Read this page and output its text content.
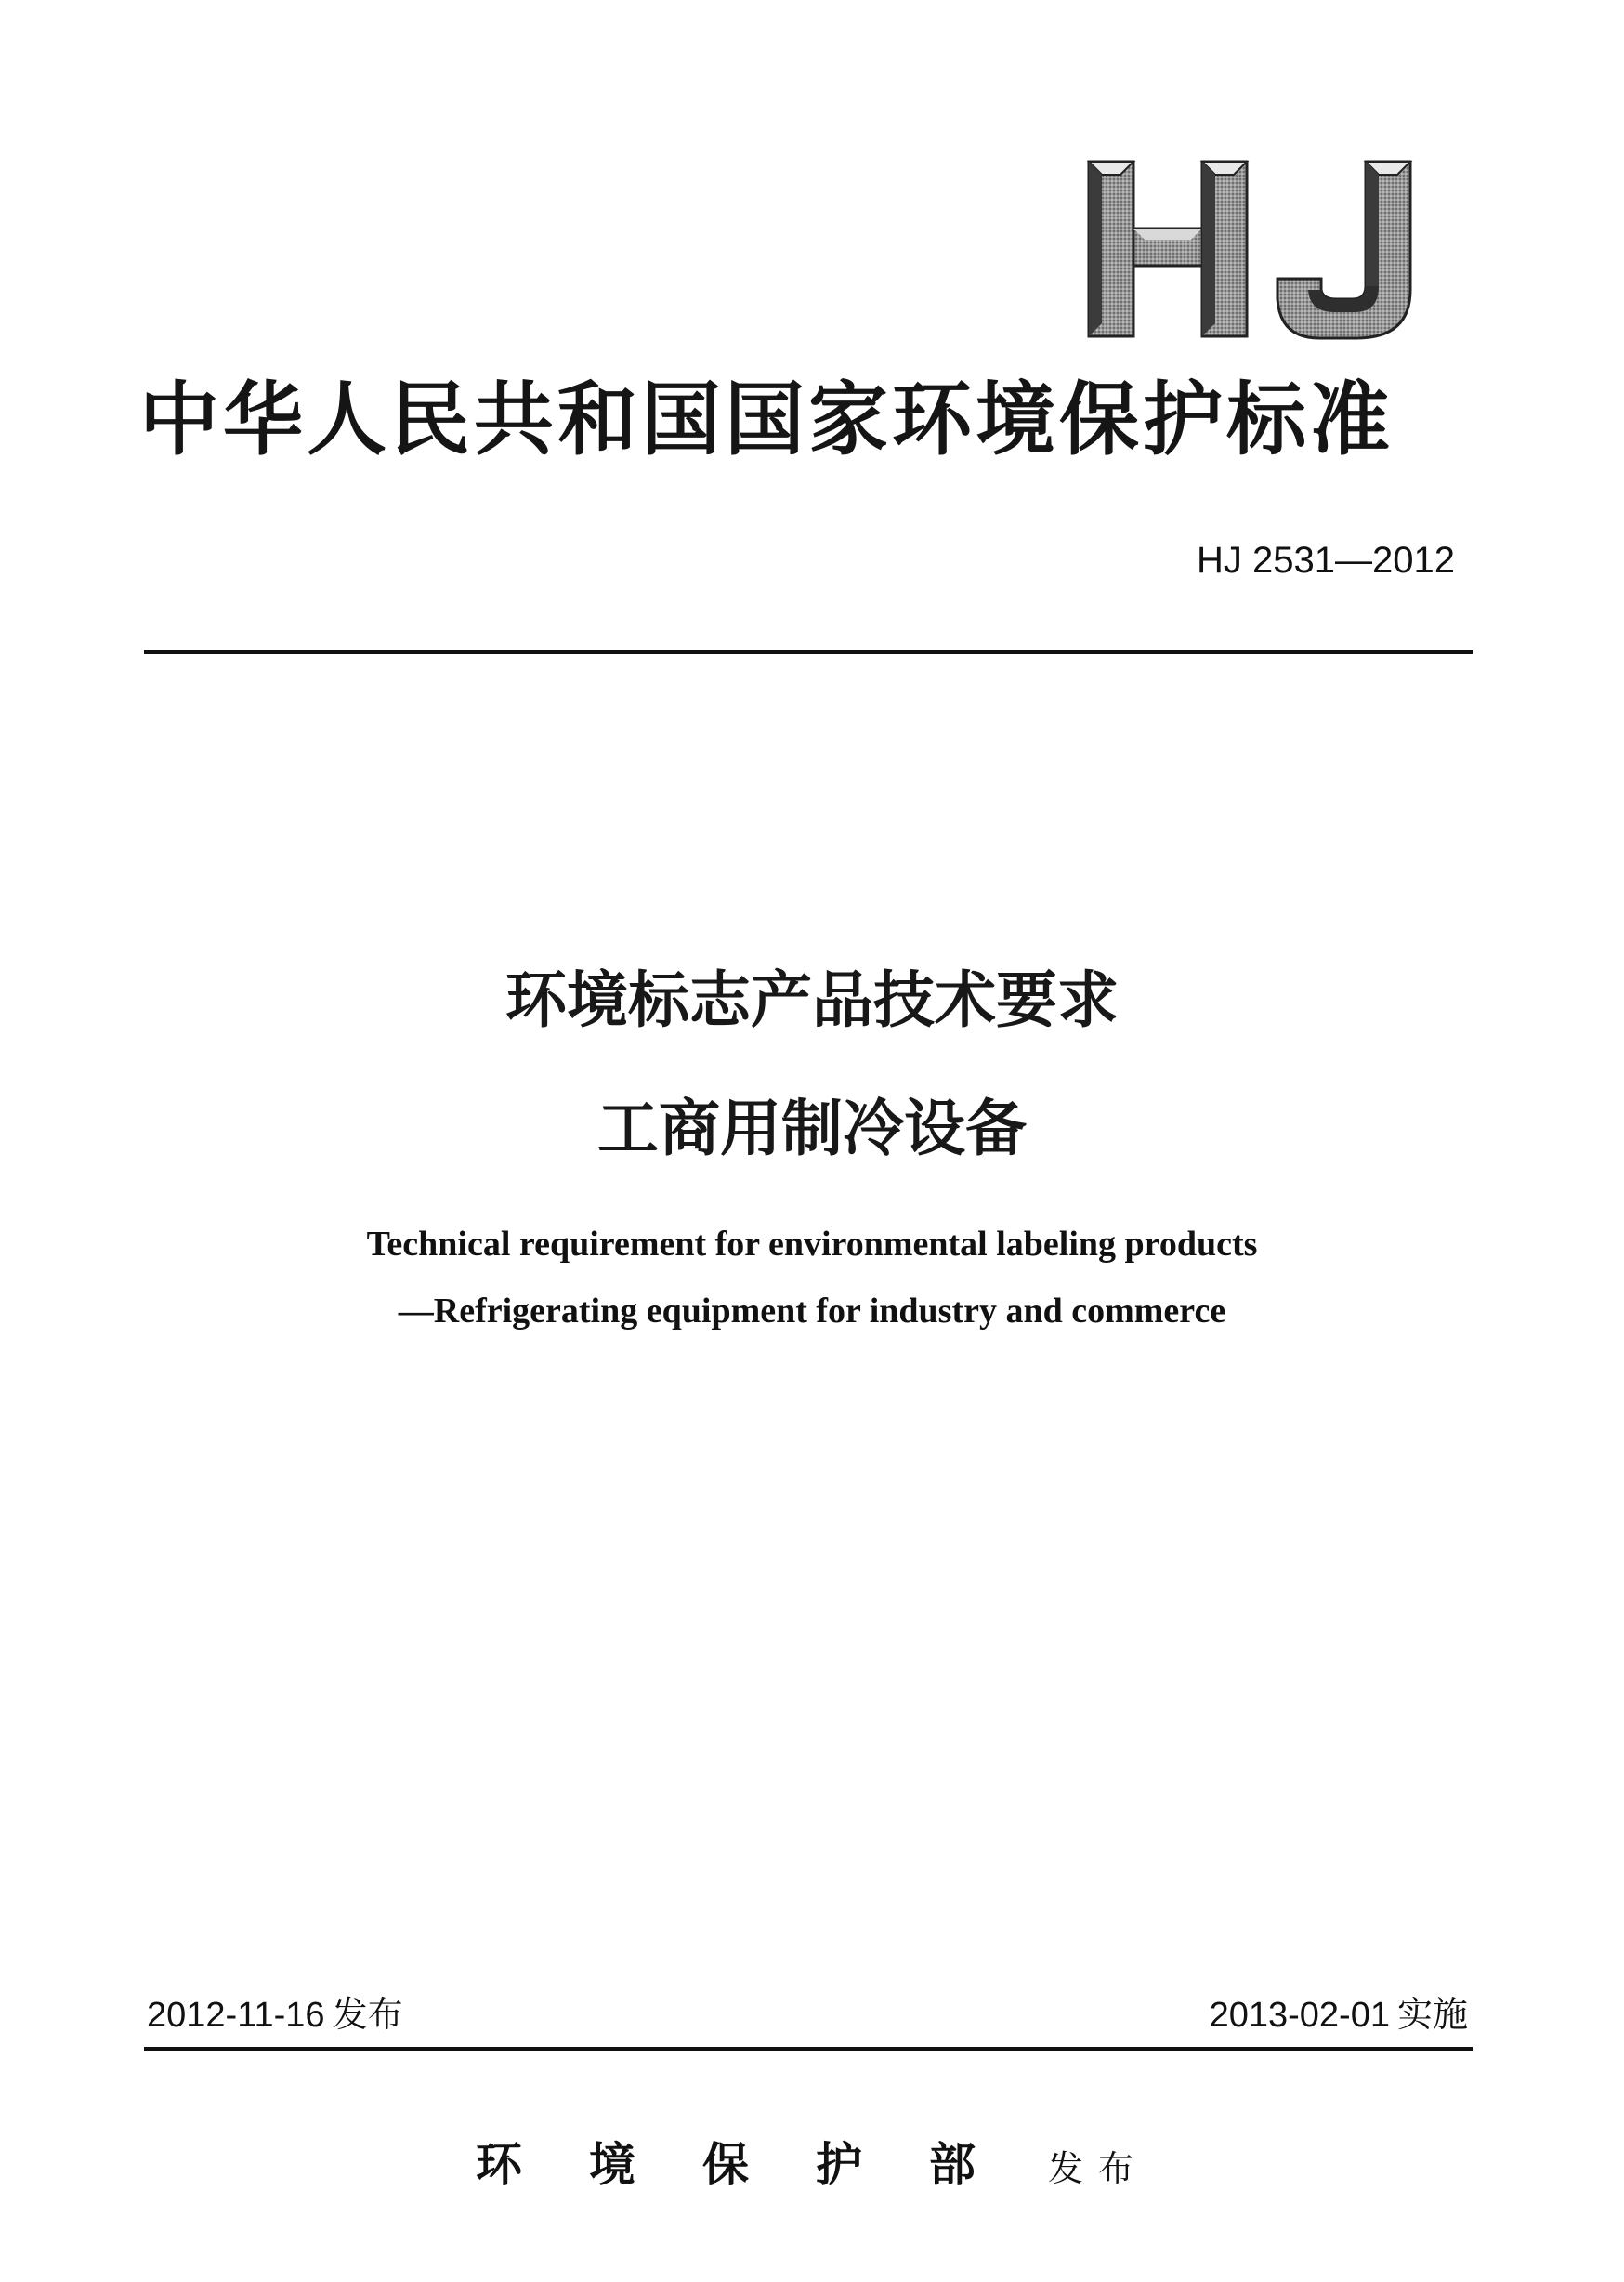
中华人民共和国国家环境保护标准
HJ 2531—2012
环境标志产品技术要求
工商用制冷设备
Technical requirement for environmental labeling products
—Refrigerating equipment for industry and commerce
2012-11-16 发布	2013-02-01 实施
环境保护部 发布
